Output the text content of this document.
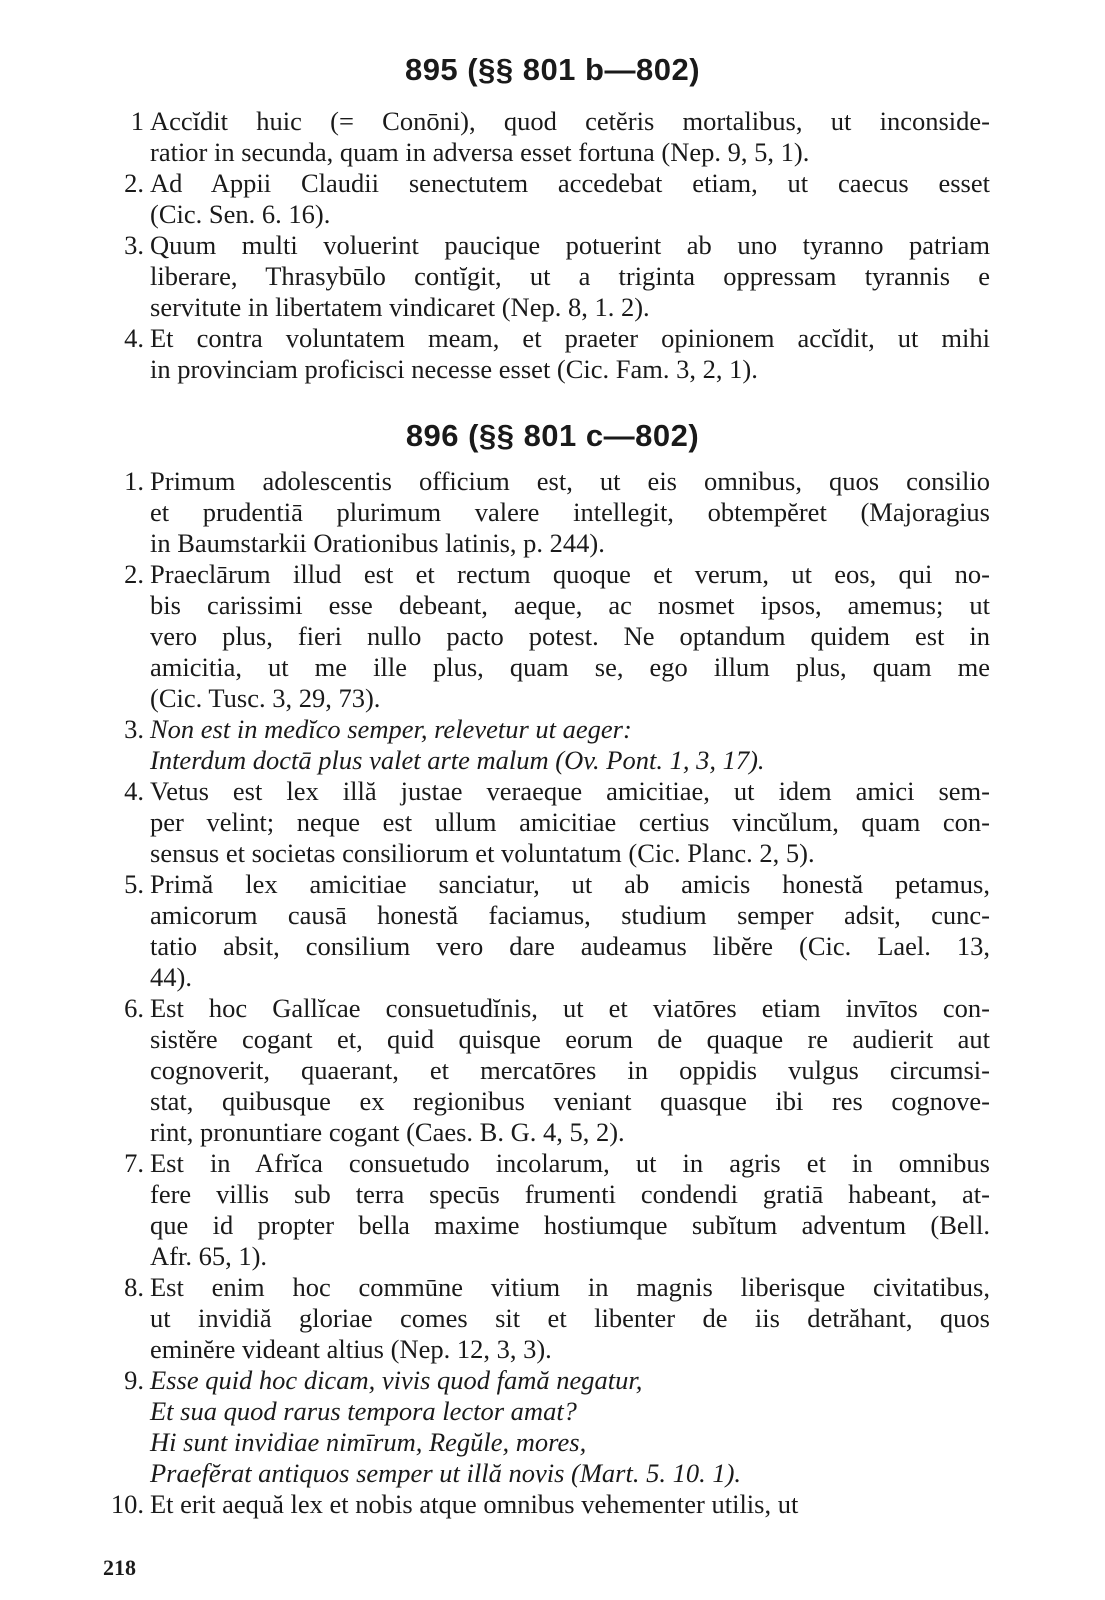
895 (§§ 801 b—802)
1 Accĭdit huic (= Conōni), quod cetĕris mortalibus, ut inconside-
ratior in secunda, quam in adversa esset fortuna (Nep. 9, 5, 1).
2. Ad Appii Claudii senectutem accedebat etiam, ut caecus esset
(Cic. Sen. 6. 16).
3. Quum multi voluerint paucique potuerint ab uno tyranno patriam
liberare, Thrasybūlo contĭgit, ut a triginta oppressam tyrannis e
servitute in libertatem vindicaret (Nep. 8, 1. 2).
4. Et contra voluntatem meam, et praeter opinionem accĭdit, ut mihi
in provinciam proficisci necesse esset (Cic. Fam. 3, 2, 1).
896 (§§ 801 c—802)
1. Primum adolescentis officium est, ut eis omnibus, quos consilio
et prudentiā plurimum valere intellegit, obtempĕret (Majoragius
in Baumstarkii Orationibus latinis, p. 244).
2. Praeclārum illud est et rectum quoque et verum, ut eos, qui no-
bis carissimi esse debeant, aeque, ac nosmet ipsos, amemus; ut
vero plus, fieri nullo pacto potest. Ne optandum quidem est in
amicitia, ut me ille plus, quam se, ego illum plus, quam me
(Cic. Tusc. 3, 29, 73).
3. Non est in medĭco semper, relevetur ut aeger:
Interdum doctā plus valet arte malum (Ov. Pont. 1, 3, 17).
4. Vetus est lex illă justae veraeque amicitiae, ut idem amici sem-
per velint; neque est ullum amicitiae certius vincŭlum, quam con-
sensus et societas consiliorum et voluntatum (Cic. Planc. 2, 5).
5. Primă lex amicitiae sanciatur, ut ab amicis honestă petamus,
amicorum causā honestă faciamus, studium semper adsit, cunc-
tatio absit, consilium vero dare audeamus libĕre (Cic. Lael. 13,
44).
6. Est hoc Gallĭcae consuetudĭnis, ut et viatōres etiam invītos con-
sistĕre cogant et, quid quisque eorum de quaque re audierit aut
cognoverit, quaerant, et mercatōres in oppidis vulgus circumsi-
stat, quibusque ex regionibus veniant quasque ibi res cognove-
rint, pronuntiare cogant (Caes. B. G. 4, 5, 2).
7. Est in Afrĭca consuetudo incolarum, ut in agris et in omnibus
fere villis sub terra specūs frumenti condendi gratiā habeant, at-
que id propter bella maxime hostiumque subĭtum adventum (Bell.
Afr. 65, 1).
8. Est enim hoc commūne vitium in magnis liberisque civitatibus,
ut invidiă gloriae comes sit et libenter de iis detrăhant, quos
eminĕre videant altius (Nep. 12, 3, 3).
9. Esse quid hoc dicam, vivis quod famă negatur,
Et sua quod rarus tempora lector amat?
Hi sunt invidiae nimīrum, Regŭle, mores,
Praefĕrat antiquos semper ut illă novis (Mart. 5. 10. 1).
10. Et erit aequă lex et nobis atque omnibus vehementer utilis, ut
218
